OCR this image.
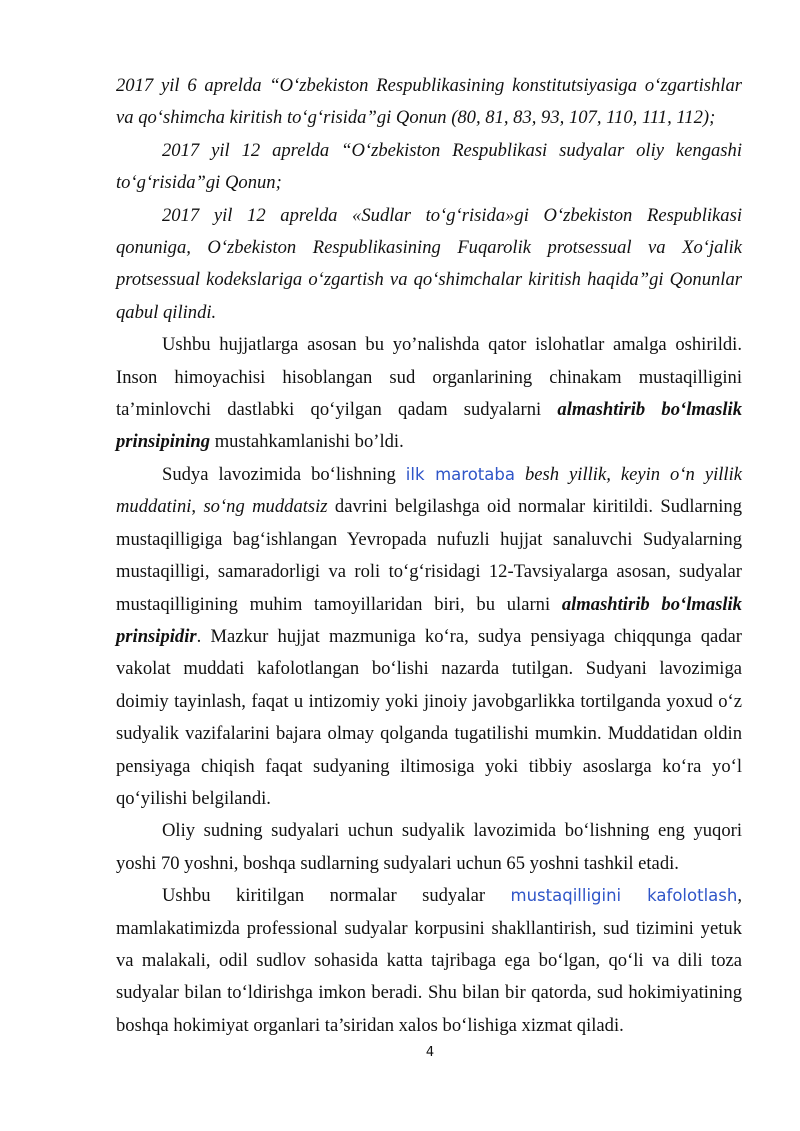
2017 yil 6 aprelda “O‘zbekiston Respublikasining konstitutsiyasiga o‘zgartishlar va qo‘shimcha kiritish to‘g‘risida”gi Qonun (80, 81, 83, 93, 107, 110, 111, 112);

2017 yil 12 aprelda “O‘zbekiston Respublikasi sudyalar oliy kengashi to‘g‘risida”gi Qonun;

2017 yil 12 aprelda «Sudlar to‘g‘risida»gi O‘zbekiston Respublikasi qonuniga, O‘zbekiston Respublikasining Fuqarolik protsessual va Xo‘jalik protsessual kodekslariga o‘zgartish va qo‘shimchalar kiritish haqida”gi Qonunlar qabul qilindi.

Ushbu hujjatlarga asosan bu yo’nalishda qator islohatlar amalga oshirildi. Inson himoyachisi hisoblangan sud organlarining chinakam mustaqilligini ta’minlovchi dastlabki qo‘yilgan qadam sudyalarni almashtirib bo‘lmaslik prinsipining mustahkamlanishi bo’ldi.

Sudya lavozimida bo‘lishning ilk marotaba besh yillik, keyin o‘n yillik muddatini, so‘ng muddatsiz davrini belgilashga oid normalar kiritildi. Sudlarning mustaqilligiga bag‘ishlangan Yevropada nufuzli hujjat sanaluvchi Sudyalarning mustaqilligi, samaradorligi va roli to‘g‘risidagi 12-Tavsiyalarga asosan, sudyalar mustaqilligining muhim tamoyillaridan biri, bu ularni almashtirib bo‘lmaslik prinsipidir. Mazkur hujjat mazmuniga ko‘ra, sudya pensiyaga chiqqunga qadar vakolat muddati kafolotlangan bo‘lishi nazarda tutilgan. Sudyani lavozimiga doimiy tayinlash, faqat u intizomiy yoki jinoiy javobgarlikka tortilganda yoxud o‘z sudyalik vazifalarini bajara olmay qolganda tugatilishi mumkin. Muddatidan oldin pensiyaga chiqish faqat sudyaning iltimosiga yoki tibbiy asoslarga ko‘ra yo‘l qo‘yilishi belgilandi.

Oliy sudning sudyalari uchun sudyalik lavozimida bo‘lishning eng yuqori yoshi 70 yoshni, boshqa sudlarning sudyalari uchun 65 yoshni tashkil etadi.

Ushbu kiritilgan normalar sudyalar mustaqilligini kafolotlash, mamlakatimizda professional sudyalar korpusini shakllantirish, sud tizimini yetuk va malakali, odil sudlov sohasida katta tajribaga ega bo‘lgan, qo‘li va dili toza sudyalar bilan to‘ldirishga imkon beradi. Shu bilan bir qatorda, sud hokimiyatining boshqa hokimiyat organlari ta’siridan xalos bo‘lishiga xizmat qiladi.

4
